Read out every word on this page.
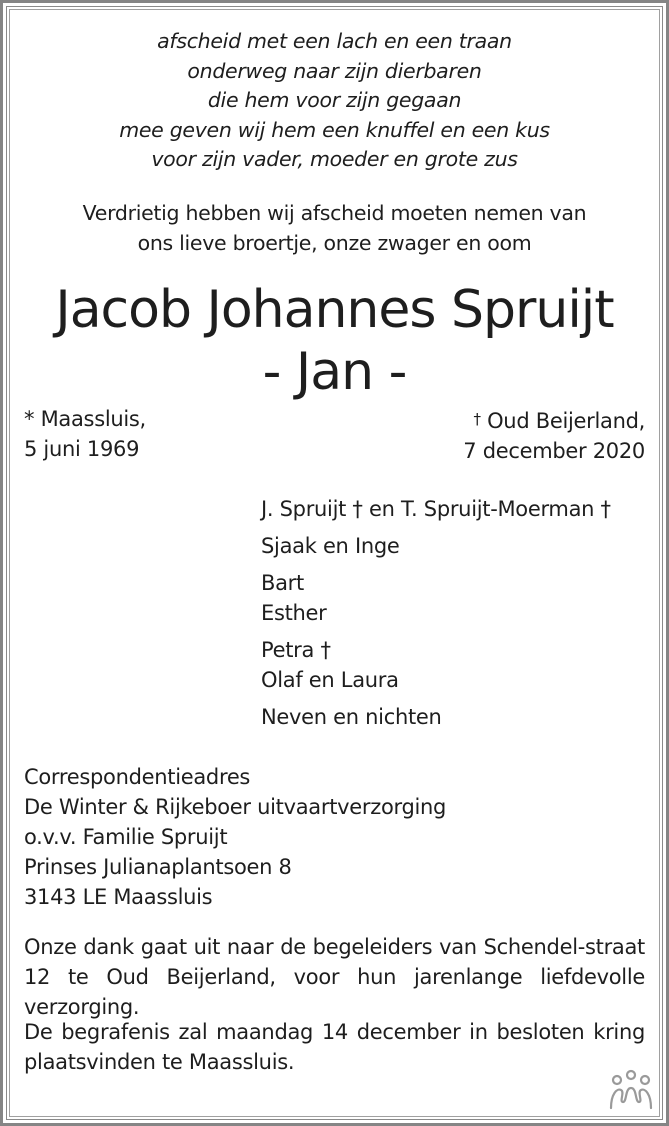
afscheid met een lach en een traan
onderweg naar zijn dierbaren
die hem voor zijn gegaan
mee geven wij hem een knuffel en een kus
voor zijn vader, moeder en grote zus
Verdrietig hebben wij afscheid moeten nemen van
ons lieve broertje, onze zwager en oom
Jacob Johannes Spruijt
- Jan -
* Maassluis,
5 juni 1969
† Oud Beijerland,
7 december 2020
J. Spruijt † en T. Spruijt-Moerman †
Sjaak en Inge
Bart
Esther
Petra †
Olaf en Laura
Neven en nichten
Correspondentieadres
De Winter & Rijkeboer uitvaartverzorging
o.v.v. Familie Spruijt
Prinses Julianaplantsoen 8
3143 LE Maassluis
Onze dank gaat uit naar de begeleiders van Schendel-straat 12 te Oud Beijerland, voor hun jarenlange liefdevolle verzorging.
De begrafenis zal maandag 14 december in besloten kring plaatsvinden te Maassluis.
